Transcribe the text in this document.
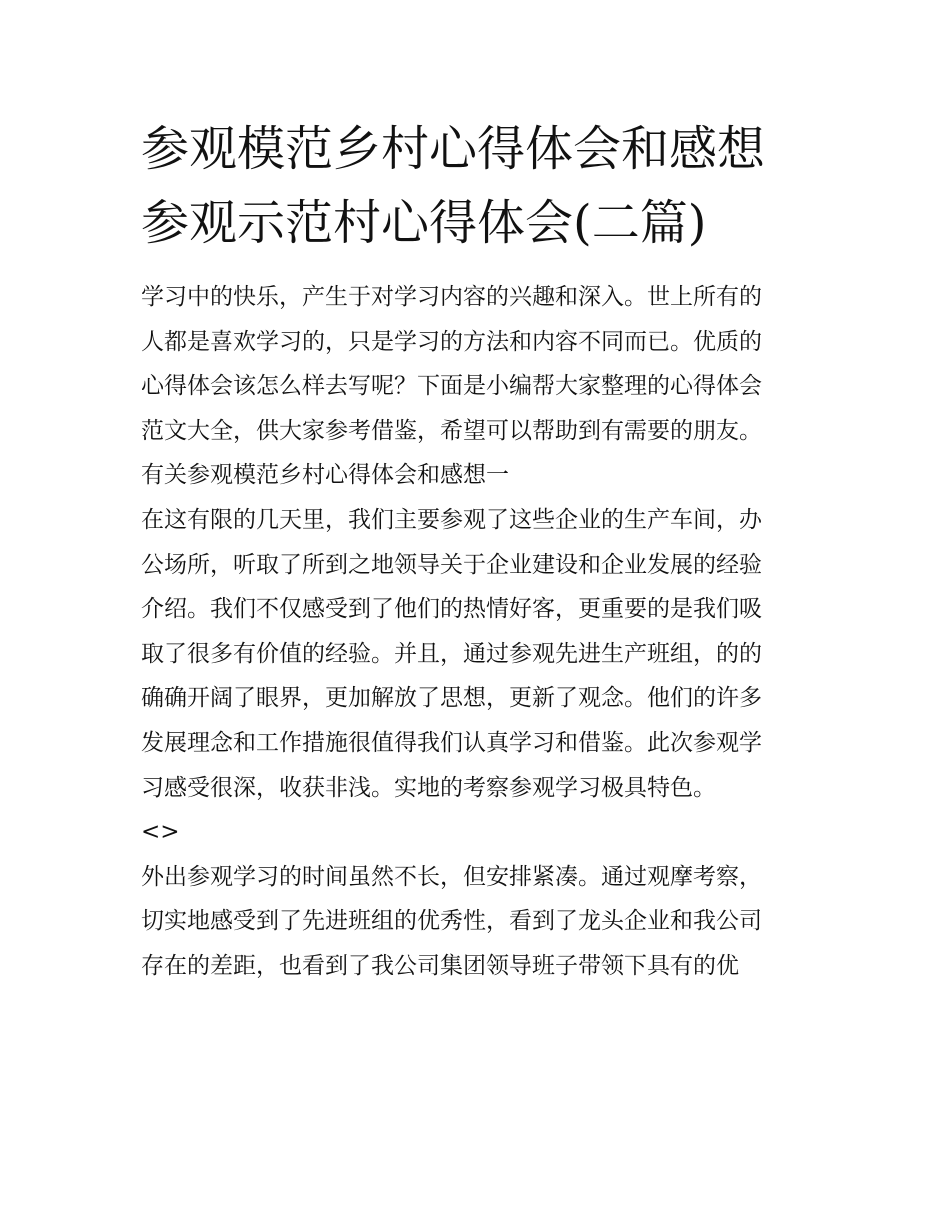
参观模范乡村心得体会和感想
参观示范村心得体会(二篇)

学习中的快乐，产生于对学习内容的兴趣和深入。世上所有的
人都是喜欢学习的，只是学习的方法和内容不同而已。优质的
心得体会该怎么样去写呢？下面是小编帮大家整理的心得体会
范文大全，供大家参考借鉴，希望可以帮助到有需要的朋友。

有关参观模范乡村心得体会和感想一

在这有限的几天里，我们主要参观了这些企业的生产车间，办
公场所，听取了所到之地领导关于企业建设和企业发展的经验
介绍。我们不仅感受到了他们的热情好客，更重要的是我们吸
取了很多有价值的经验。并且，通过参观先进生产班组，的的
确确开阔了眼界，更加解放了思想，更新了观念。他们的许多
发展理念和工作措施很值得我们认真学习和借鉴。此次参观学
习感受很深，收获非浅。实地的考察参观学习极具特色。

<>

外出参观学习的时间虽然不长，但安排紧凑。通过观摩考察，
切实地感受到了先进班组的优秀性，看到了龙头企业和我公司
存在的差距，也看到了我公司集团领导班子带领下具有的优
